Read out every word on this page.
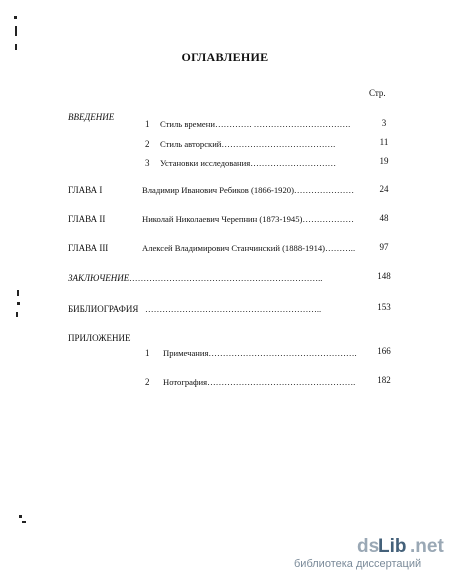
ОГЛАВЛЕНИЕ
Стр.
ВВЕДЕНИЕ
1 Стиль времени…………. …………………………….	3
2 Стиль авторский………………………………….	11
3 Установки исследования…………………………	19
ГЛАВА I	Владимир Иванович Ребиков (1866-1920)…………………	24
ГЛАВА II	Николай Николаевич Черепнин (1873-1945)………………	48
ГЛАВА III	Алексей Владимирович Станчинский (1888-1914)………..	97
ЗАКЛЮЧЕНИЕ …………………………………………………………..	148
БИБЛИОГРАФИЯ ……………………………………………………..	153
ПРИЛОЖЕНИЕ
1 Примечания…………………………………………….	166
2 Нотография…………………………………………….	182
ds
Lib .net
библиотека диссертаций
